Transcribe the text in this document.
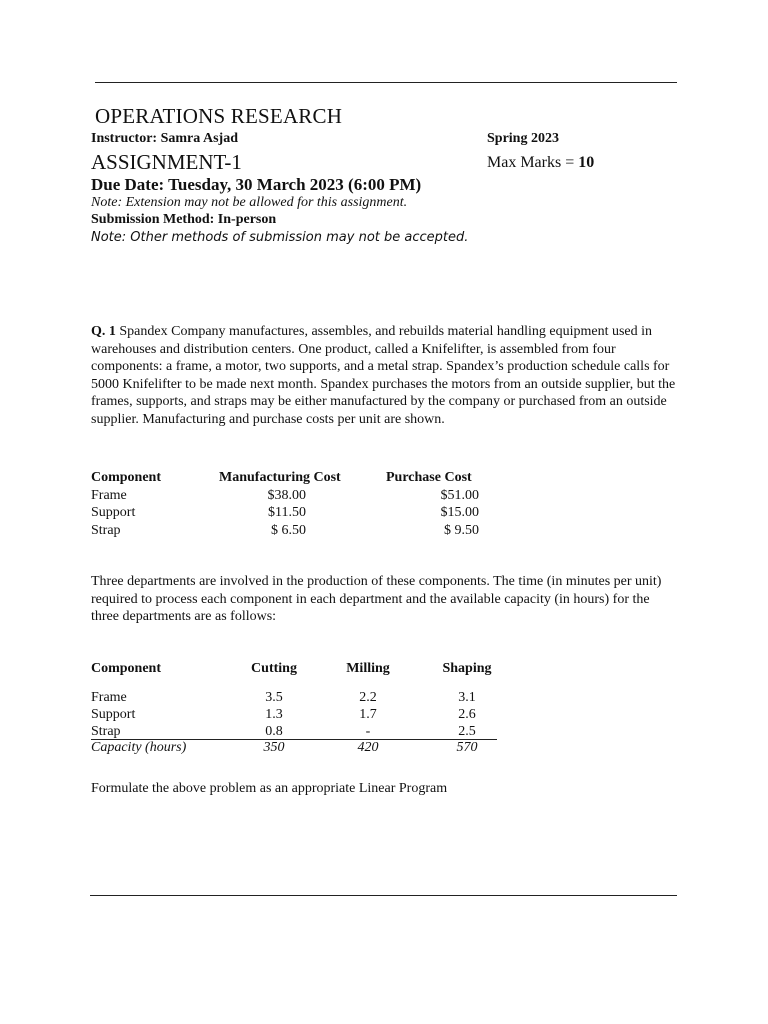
OPERATIONS RESEARCH
Instructor: Samra Asjad	Spring 2023
ASSIGNMENT-1	Max Marks = 10
Due Date: Tuesday, 30 March 2023 (6:00 PM)
Note: Extension may not be allowed for this assignment.
Submission Method: In-person
Note: Other methods of submission may not be accepted.
Q. 1 Spandex Company manufactures, assembles, and rebuilds material handling equipment used in warehouses and distribution centers. One product, called a Knifelifter, is assembled from four components: a frame, a motor, two supports, and a metal strap. Spandex’s production schedule calls for 5000 Knifelifter to be made next month. Spandex purchases the motors from an outside supplier, but the frames, supports, and straps may be either manufactured by the company or purchased from an outside supplier. Manufacturing and purchase costs per unit are shown.
Component	Manufacturing Cost	Purchase Cost
Frame	$38.00	$51.00
Support	$11.50	$15.00
Strap	$ 6.50	$ 9.50
Three departments are involved in the production of these components. The time (in minutes per unit) required to process each component in each department and the available capacity (in hours) for the three departments are as follows:
Component	Cutting	Milling	Shaping
Frame	3.5	2.2	3.1
Support	1.3	1.7	2.6
Strap	0.8	-	2.5
Capacity (hours)	350	420	570
Formulate the above problem as an appropriate Linear Program
